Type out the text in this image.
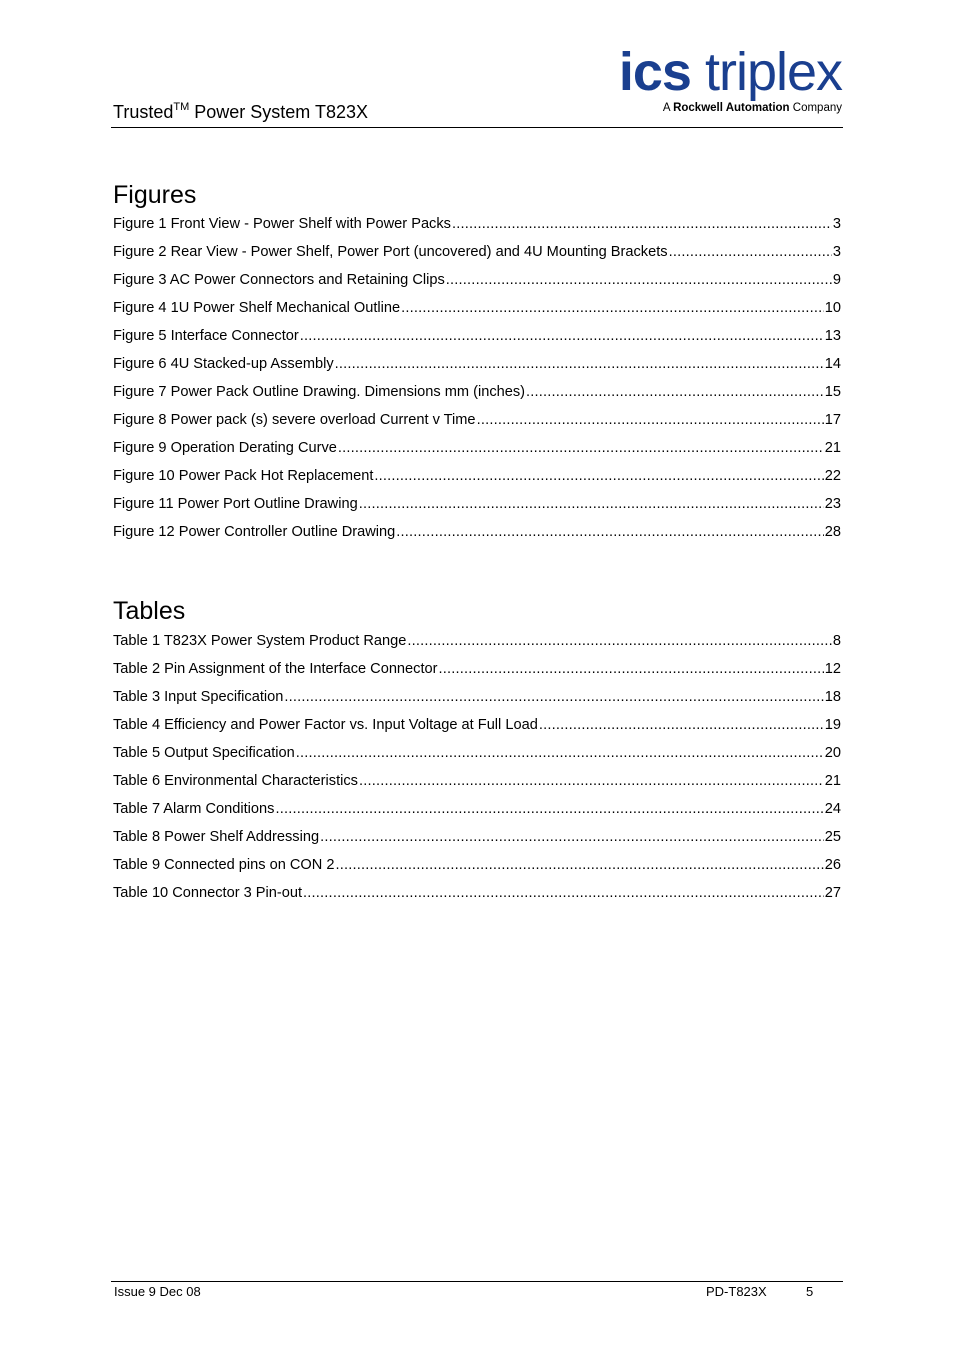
Trusted™ Power System T823X
ics triplex
A Rockwell Automation Company
Figures
Figure 1 Front View - Power Shelf with Power Packs .....	3
Figure 2 Rear View - Power Shelf, Power Port (uncovered) and 4U Mounting Brackets .....	3
Figure 3 AC Power Connectors and Retaining Clips .....	9
Figure 4 1U Power Shelf Mechanical Outline .....	10
Figure 5 Interface Connector .....	13
Figure 6 4U Stacked-up Assembly .....	14
Figure 7 Power Pack Outline Drawing. Dimensions mm (inches) .....	15
Figure 8 Power pack (s) severe overload Current v Time .....	17
Figure 9 Operation Derating Curve .....	21
Figure 10 Power Pack Hot Replacement .....	22
Figure 11 Power Port Outline Drawing .....	23
Figure 12 Power Controller Outline Drawing .....	28
Tables
Table 1 T823X Power System Product Range .....	8
Table 2 Pin Assignment of the Interface Connector .....	12
Table 3 Input Specification .....	18
Table 4 Efficiency and Power Factor vs. Input Voltage at Full Load .....	19
Table 5 Output Specification .....	20
Table 6 Environmental Characteristics .....	21
Table 7 Alarm Conditions .....	24
Table 8 Power Shelf Addressing .....	25
Table 9 Connected pins on CON 2 .....	26
Table 10 Connector 3 Pin-out .....	27
Issue 9 Dec 08	PD-T823X	5
